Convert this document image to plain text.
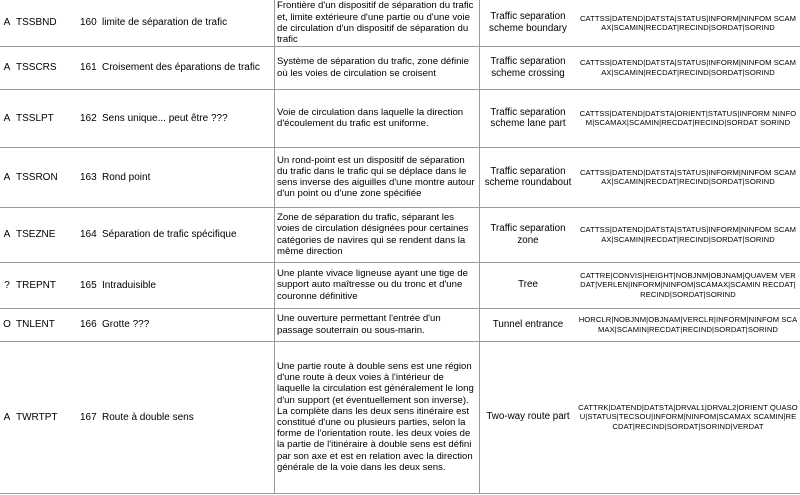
A	TSSBND	160 limite de séparation de trafic	Frontière d'un dispositif de séparation du trafic et, limite extérieure d'une partie ou d'une voie de circulation d'un dispositif de séparation du trafic	Traffic separation scheme boundary	CATTSS|DATEND|DATSTA|STATUS|INFORM|NINFOM SCAMAX|SCAMIN|RECDAT|RECIND|SORDAT|SORIND
A	TSSCRS	161 Croisement des éparations de trafic	Système de séparation du trafic, zone définie où les voies de circulation se croisent	Traffic separation scheme crossing	CATTSS|DATEND|DATSTA|STATUS|INFORM|NINFOM SCAMAX|SCAMIN|RECDAT|RECIND|SORDAT|SORIND
A	TSSLPT	162 Sens unique... peut être ???	Voie de circulation dans laquelle la direction d'écoulement du trafic est uniforme.	Traffic separation scheme lane part	CATTSS|DATEND|DATSTA|ORIENT|STATUS|INFORM NINFOM|SCAMAX|SCAMIN|RECDAT|RECIND|SORDAT SORIND
A	TSSRON	163 Rond point	Un rond-point est un dispositif de séparation du trafic dans le trafic qui se déplace dans le sens inverse des aiguilles d'une montre autour d'un point ou d'une zone spécifiée	Traffic separation scheme roundabout	CATTSS|DATEND|DATSTA|STATUS|INFORM|NINFOM SCAMAX|SCAMIN|RECDAT|RECIND|SORDAT|SORIND
A	TSEZNE	164 Séparation de trafic spécifique	Zone de séparation du trafic, séparant les voies de circulation désignées pour certaines catégories de navires qui se rendent dans la même direction	Traffic separation zone	CATTSS|DATEND|DATSTA|STATUS|INFORM|NINFOM SCAMAX|SCAMIN|RECDAT|RECIND|SORDAT|SORIND
?	TREPNT	165 Intraduisible	Une plante vivace ligneuse ayant une tige de support auto maîtresse ou du tronc et d'une couronne définitive	Tree	CATTRE|CONVIS|HEIGHT|NOBJNM|OBJNAM|QUAVEM VERDAT|VERLEN|INFORM|NINFOM|SCAMAX|SCAMIN RECDAT|RECIND|SORDAT|SORIND
O	TNLENT	166 Grotte ???	Une ouverture permettant l'entrée d'un passage souterrain ou sous-marin.	Tunnel entrance	HORCLR|NOBJNM|OBJNAM|VERCLR|INFORM|NINFOM SCAMAX|SCAMIN|RECDAT|RECIND|SORDAT|SORIND
A	TWRTPT	167 Route à double sens	Une partie route à double sens est une région d'une route à deux voies à l'intérieur de laquelle la circulation est généralement le long d'un support (et éventuellement son inverse). La complète dans les deux sens itinéraire est constitué d'une ou plusieurs parties, selon la forme de l'orientation route. les deux voies de la partie de l'itinéraire à double sens est défini par son axe et est en relation avec la direction générale de la voie dans les deux sens.	Two-way route part	CATTRK|DATEND|DATSTA|DRVAL1|DRVAL2|ORIENT QUASOU|STATUS|TECSOU|INFORM|NINFOM|SCAMAX SCAMIN|RECDAT|RECIND|SORDAT|SORIND|VERDAT
